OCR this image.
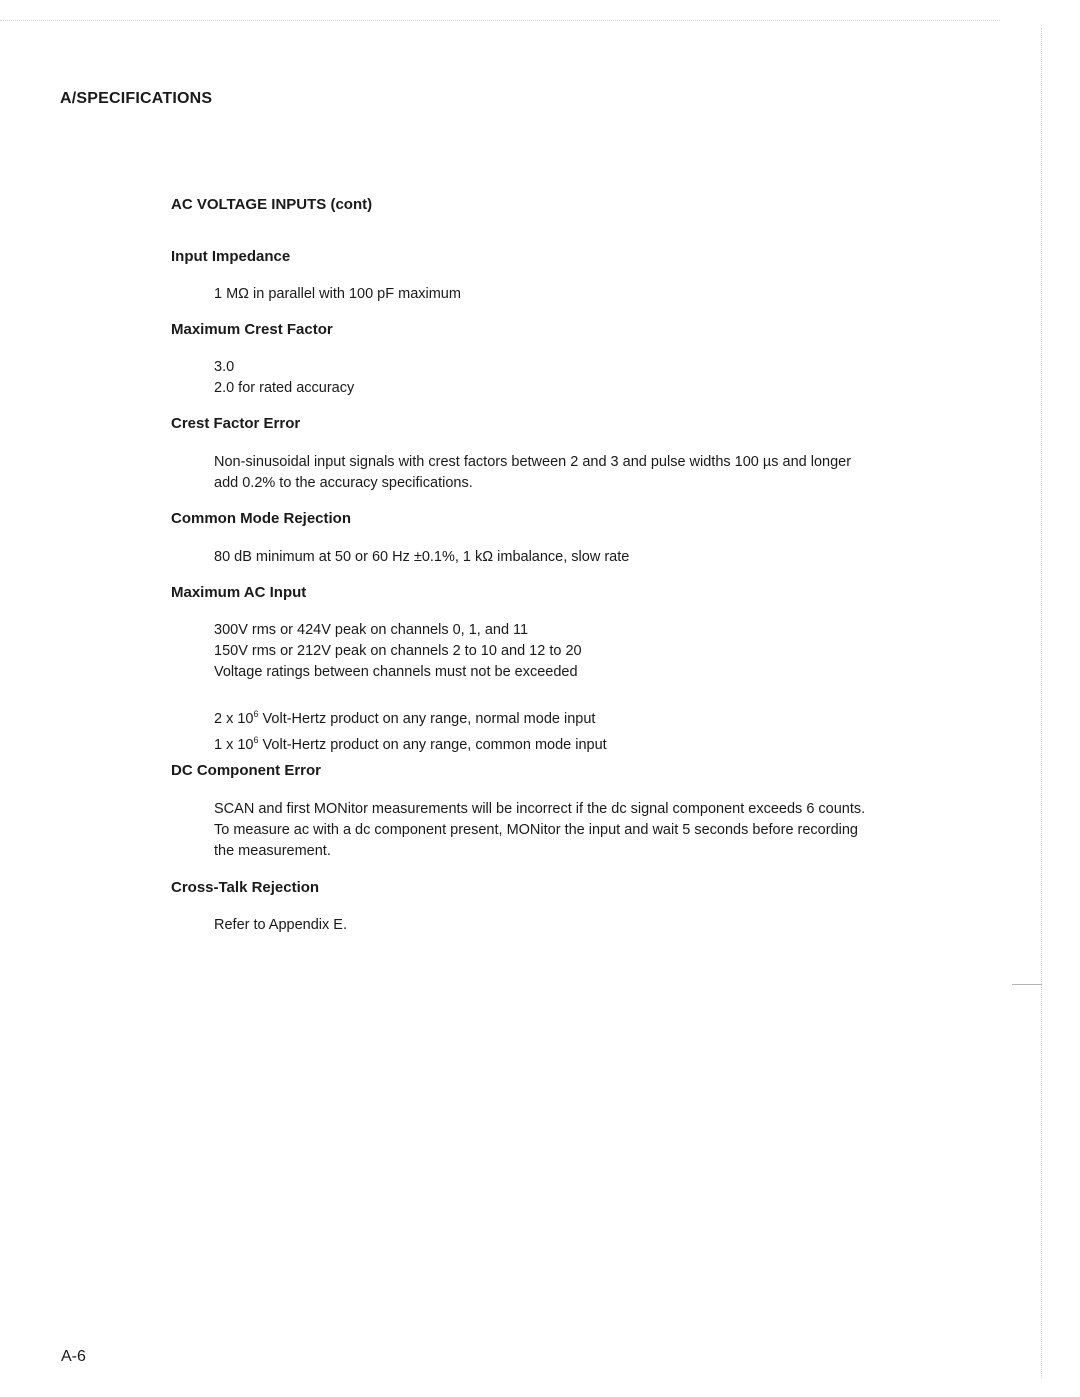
A/SPECIFICATIONS
AC VOLTAGE INPUTS (cont)
Input Impedance

1 MΩ in parallel with 100 pF maximum

Maximum Crest Factor

3.0
2.0 for rated accuracy

Crest Factor Error

Non-sinusoidal input signals with crest factors between 2 and 3 and pulse widths 100 µs and longer
add 0.2% to the accuracy specifications.

Common Mode Rejection

80 dB minimum at 50 or 60 Hz ±0.1%, 1 kΩ imbalance, slow rate

Maximum AC Input

300V rms or 424V peak on channels 0, 1, and 11
150V rms or 212V peak on channels 2 to 10 and 12 to 20
Voltage ratings between channels must not be exceeded

2 x $10^6$ Volt-Hertz product on any range, normal mode input
1 x $10^6$ Volt-Hertz product on any range, common mode input

DC Component Error

SCAN and first MONitor measurements will be incorrect if the dc signal component exceeds 6 counts.
To measure ac with a dc component present, MONitor the input and wait 5 seconds before recording
the measurement.

Cross-Talk Rejection

Refer to Appendix E.

A-6
